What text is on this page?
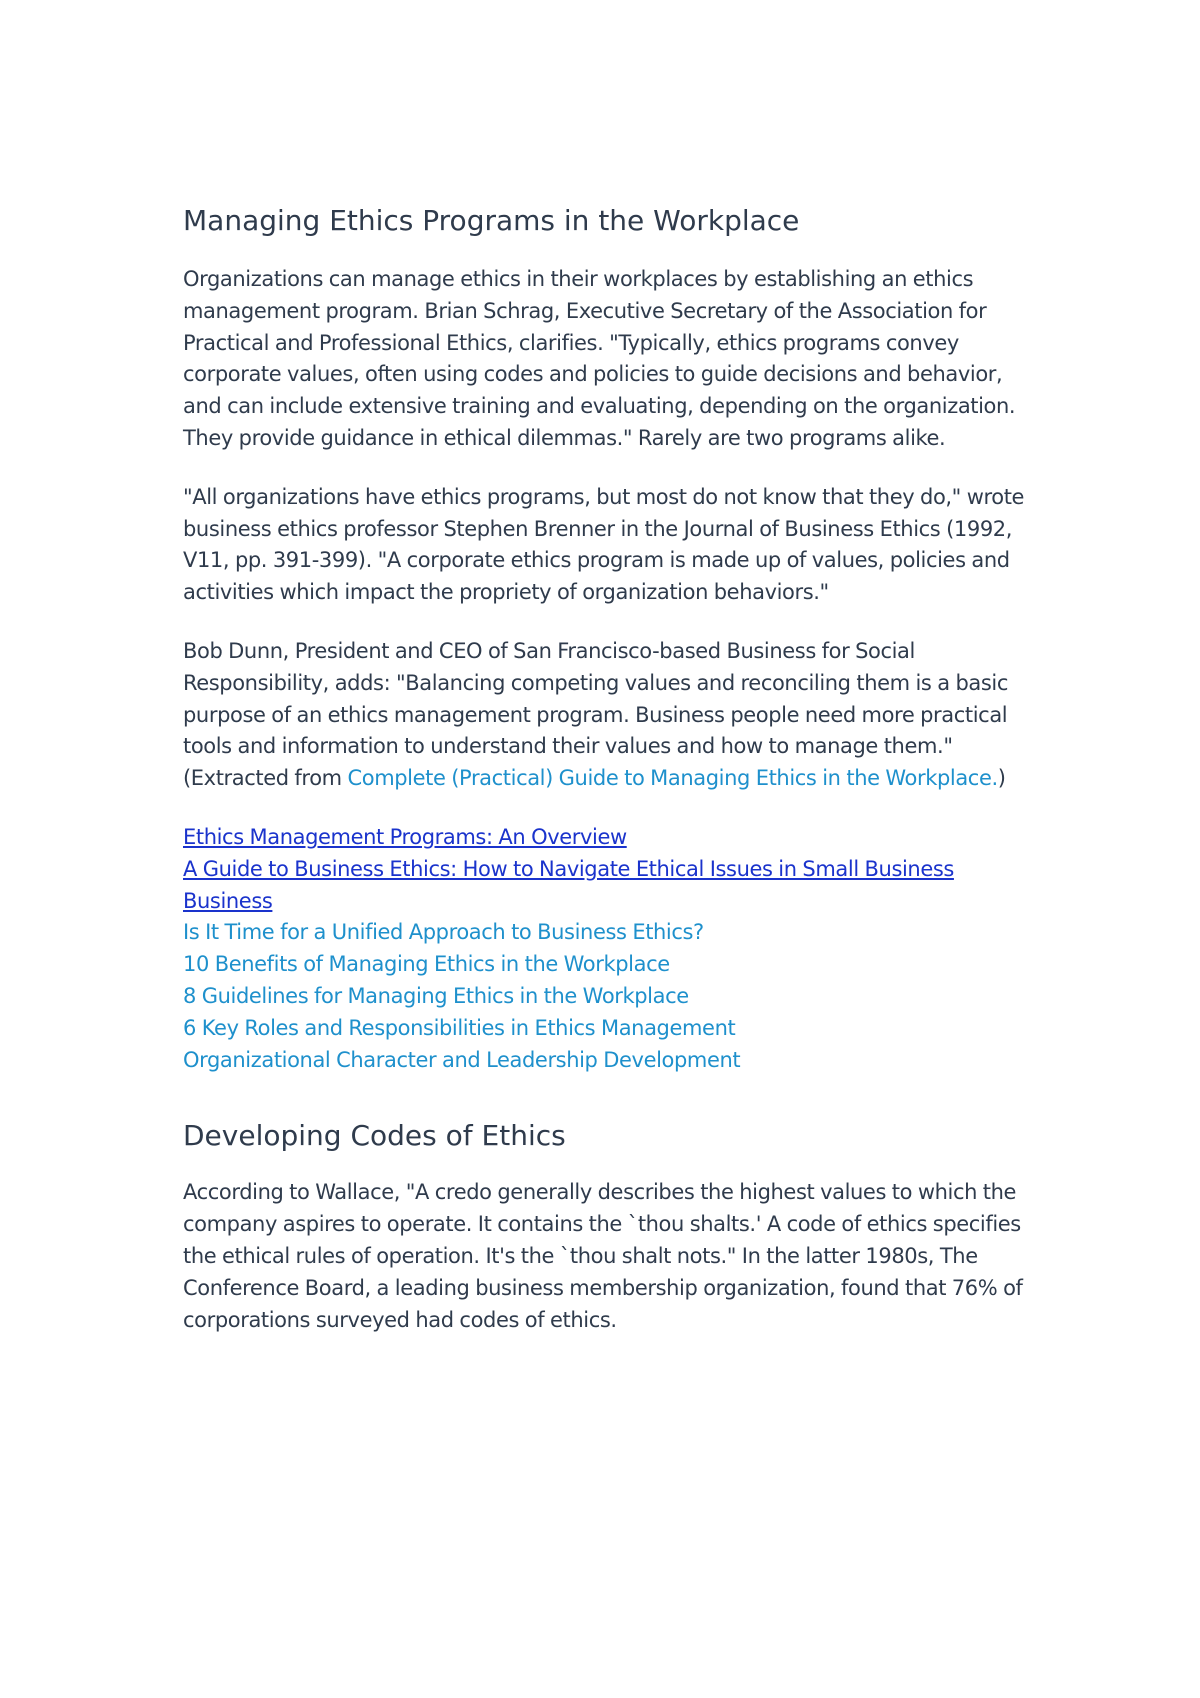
Managing Ethics Programs in the Workplace

Organizations can manage ethics in their workplaces by establishing an ethics management program. Brian Schrag, Executive Secretary of the Association for Practical and Professional Ethics, clarifies. "Typically, ethics programs convey corporate values, often using codes and policies to guide decisions and behavior, and can include extensive training and evaluating, depending on the organization. They provide guidance in ethical dilemmas." Rarely are two programs alike.

"All organizations have ethics programs, but most do not know that they do," wrote business ethics professor Stephen Brenner in the Journal of Business Ethics (1992, V11, pp. 391-399). "A corporate ethics program is made up of values, policies and activities which impact the propriety of organization behaviors."

Bob Dunn, President and CEO of San Francisco-based Business for Social Responsibility, adds: "Balancing competing values and reconciling them is a basic purpose of an ethics management program. Business people need more practical tools and information to understand their values and how to manage them." (Extracted from Complete (Practical) Guide to Managing Ethics in the Workplace.)

Ethics Management Programs: An Overview
A Guide to Business Ethics: How to Navigate Ethical Issues in Small Business Business
Is It Time for a Unified Approach to Business Ethics?
10 Benefits of Managing Ethics in the Workplace
8 Guidelines for Managing Ethics in the Workplace
6 Key Roles and Responsibilities in Ethics Management
Organizational Character and Leadership Development
Developing Codes of Ethics

According to Wallace, "A credo generally describes the highest values to which the company aspires to operate. It contains the `thou shalts.' A code of ethics specifies the ethical rules of operation. It's the `thou shalt nots." In the latter 1980s, The Conference Board, a leading business membership organization, found that 76% of corporations surveyed had codes of ethics.
